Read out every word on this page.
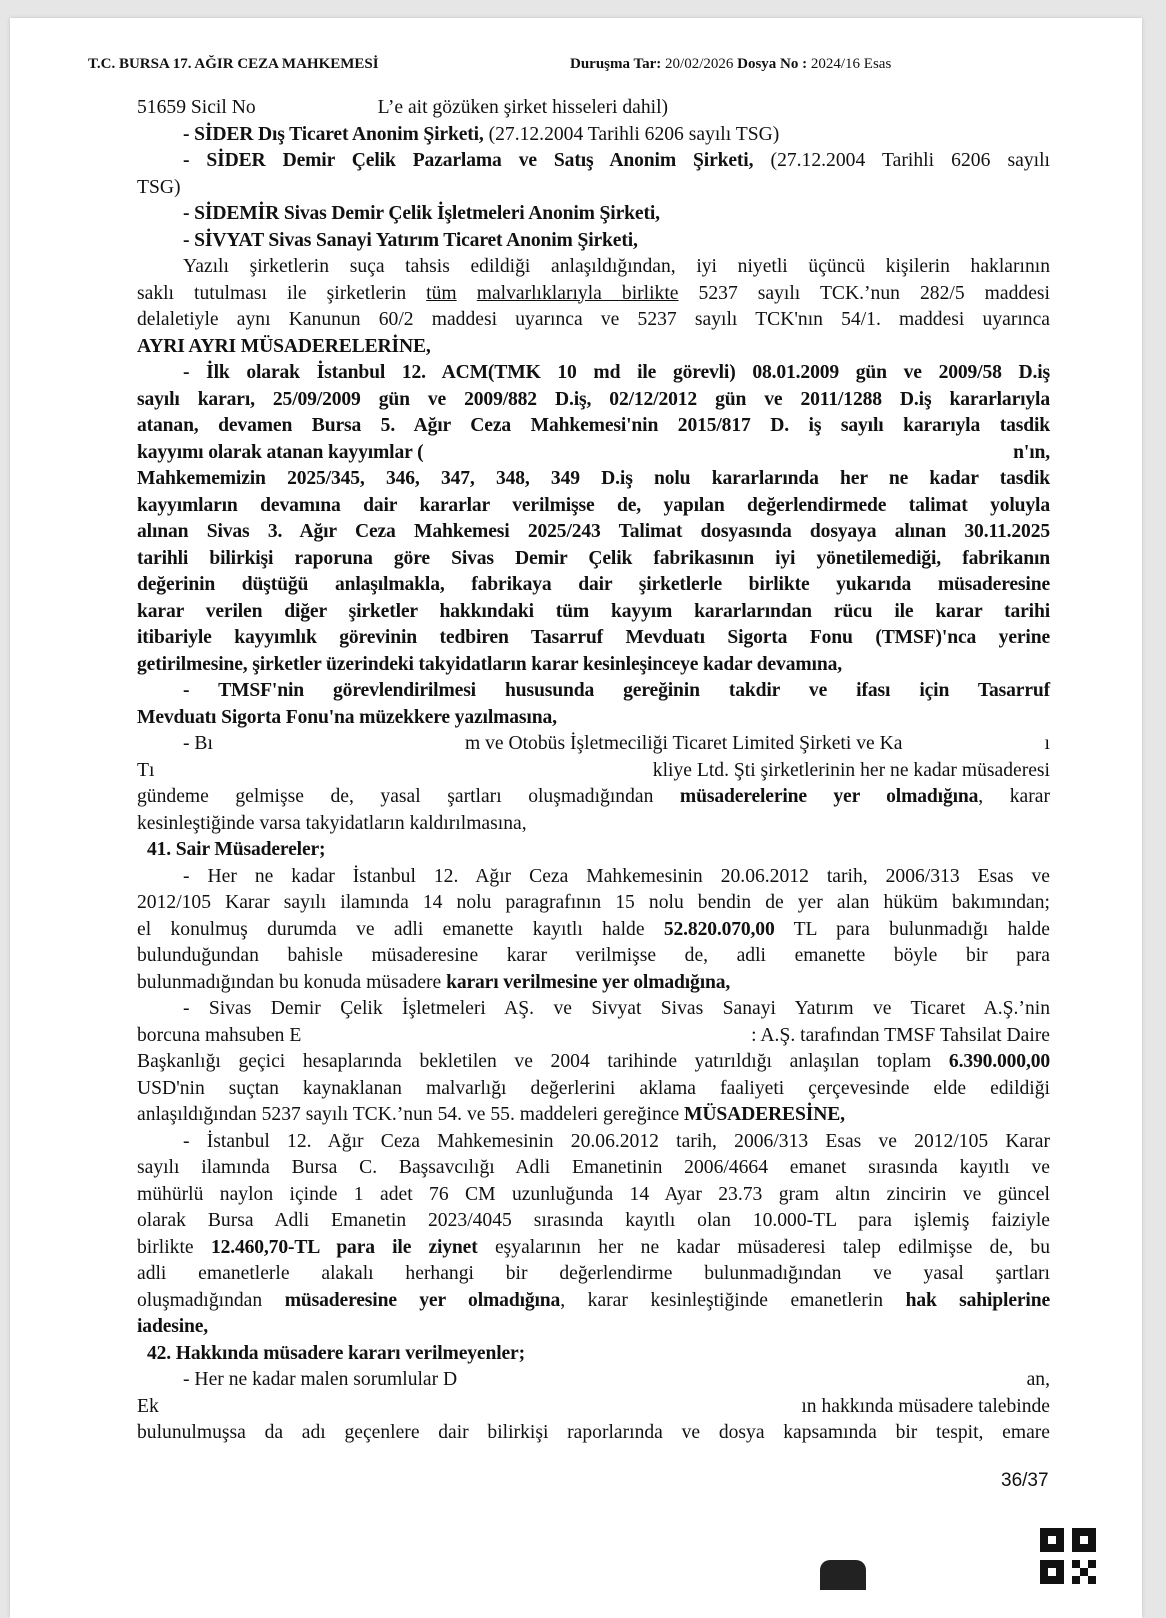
T.C. BURSA 17. AĞIR CEZA MAHKEMESİ	Duruşma Tar: 20/02/2026 Dosya No : 2024/16 Esas
51659 Sicil No	L’e ait gözüken şirket hisseleri dahil)
- SİDER Dış Ticaret Anonim Şirketi, (27.12.2004 Tarihli 6206 sayılı TSG)
- SİDER Demir Çelik Pazarlama ve Satış Anonim Şirketi, (27.12.2004 Tarihli 6206 sayılı
TSG)
- SİDEMİR Sivas Demir Çelik İşletmeleri Anonim Şirketi,
- SİVYAT Sivas Sanayi Yatırım Ticaret Anonim Şirketi,
Yazılı şirketlerin suça tahsis edildiği anlaşıldığından, iyi niyetli üçüncü kişilerin haklarının
saklı tutulması ile şirketlerin tüm malvarlıklarıyla birlikte 5237 sayılı TCK.’nun 282/5 maddesi
delaletiyle aynı Kanunun 60/2 maddesi uyarınca ve 5237 sayılı TCK'nın 54/1. maddesi uyarınca
AYRI AYRI MÜSADERELERİNE,
- İlk olarak İstanbul 12. ACM(TMK 10 md ile görevli) 08.01.2009 gün ve 2009/58 D.iş
sayılı kararı, 25/09/2009 gün ve 2009/882 D.iş, 02/12/2012 gün ve 2011/1288 D.iş kararlarıyla
atanan, devamen Bursa 5. Ağır Ceza Mahkemesi'nin 2015/817 D. iş sayılı kararıyla tasdik
kayyımı olarak atanan kayyımlar (	n'ın,
Mahkememizin 2025/345, 346, 347, 348, 349 D.iş nolu kararlarında her ne kadar tasdik
kayyımların devamına dair kararlar verilmişse de, yapılan değerlendirmede talimat yoluyla
alınan Sivas 3. Ağır Ceza Mahkemesi 2025/243 Talimat dosyasında dosyaya alınan 30.11.2025
tarihli bilirkişi raporuna göre Sivas Demir Çelik fabrikasının iyi yönetilemediği, fabrikanın
değerinin düştüğü anlaşılmakla, fabrikaya dair şirketlerle birlikte yukarıda müsaderesine
karar verilen diğer şirketler hakkındaki tüm kayyım kararlarından rücu ile karar tarihi
itibariyle kayyımlık görevinin tedbiren Tasarruf Mevduatı Sigorta Fonu (TMSF)'nca yerine
getirilmesine, şirketler üzerindeki takyidatların karar kesinleşinceye kadar devamına,
- TMSF'nin görevlendirilmesi hususunda gereğinin takdir ve ifası için Tasarruf
Mevduatı Sigorta Fonu'na müzekkere yazılmasına,
- Bı	m ve Otobüs İşletmeciliği Ticaret Limited Şirketi ve Ka	ı
Tı	kliye Ltd. Şti şirketlerinin her ne kadar müsaderesi
gündeme gelmişse de, yasal şartları oluşmadığından müsaderelerine yer olmadığına, karar
kesinleştiğinde varsa takyidatların kaldırılmasına,
41. Sair Müsadereler;
- Her ne kadar İstanbul 12. Ağır Ceza Mahkemesinin 20.06.2012 tarih, 2006/313 Esas ve
2012/105 Karar sayılı ilamında 14 nolu paragrafının 15 nolu bendin de yer alan hüküm bakımından;
el konulmuş durumda ve adli emanette kayıtlı halde 52.820.070,00 TL para bulunmadığı halde
bulunduğundan bahisle müsaderesine karar verilmişse de, adli emanette böyle bir para
bulunmadığından bu konuda müsadere kararı verilmesine yer olmadığına,
- Sivas Demir Çelik İşletmeleri AŞ. ve Sivyat Sivas Sanayi Yatırım ve Ticaret A.Ş.’nin
borcuna mahsuben E	: A.Ş. tarafından TMSF Tahsilat Daire
Başkanlığı geçici hesaplarında bekletilen ve 2004 tarihinde yatırıldığı anlaşılan toplam 6.390.000,00
USD'nin suçtan kaynaklanan malvarlığı değerlerini aklama faaliyeti çerçevesinde elde edildiği
anlaşıldığından 5237 sayılı TCK.’nun 54. ve 55. maddeleri gereğince MÜSADERESİNE,
- İstanbul 12. Ağır Ceza Mahkemesinin 20.06.2012 tarih, 2006/313 Esas ve 2012/105 Karar
sayılı ilamında Bursa C. Başsavcılığı Adli Emanetinin 2006/4664 emanet sırasında kayıtlı ve
mühürlü naylon içinde 1 adet 76 CM uzunluğunda 14 Ayar 23.73 gram altın zincirin ve güncel
olarak Bursa Adli Emanetin 2023/4045 sırasında kayıtlı olan 10.000-TL para işlemiş faiziyle
birlikte 12.460,70-TL para ile ziynet eşyalarının her ne kadar müsaderesi talep edilmişse de, bu
adli emanetlerle alakalı herhangi bir değerlendirme bulunmadığından ve yasal şartları
oluşmadığından müsaderesine yer olmadığına, karar kesinleştiğinde emanetlerin hak sahiplerine
iadesine,
42. Hakkında müsadere kararı verilmeyenler;
- Her ne kadar malen sorumlular D	an,
Ek	ın hakkında müsadere talebinde
bulunulmuşsa da adı geçenlere dair bilirkişi raporlarında ve dosya kapsamında bir tespit, emare
36/37
